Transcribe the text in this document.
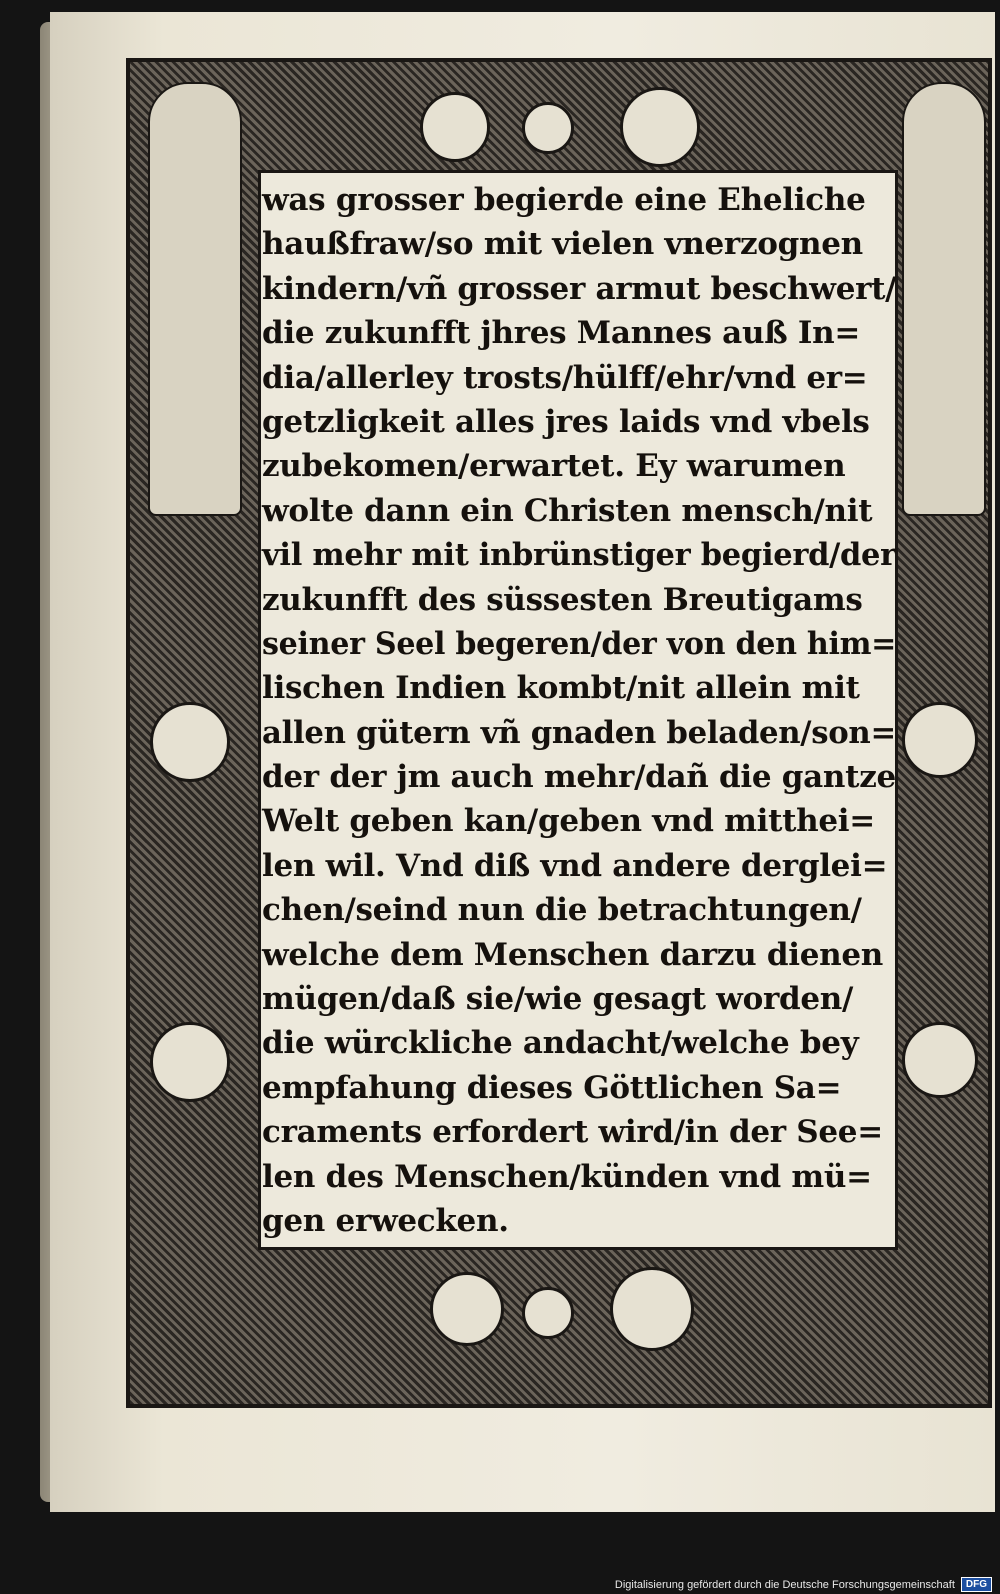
was grosser begierde eine Eheliche
haußfraw/so mit vielen vnerzognen
kindern/vñ grosser armut beschwert/
die zukunfft jhres Mannes auß In=
dia/allerley trosts/hülff/ehr/vnd er=
getzligkeit alles jres laids vnd vbels
zubekomen/erwartet. Ey warumen
wolte dann ein Christen mensch/nit
vil mehr mit inbrünstiger begierd/der
zukunfft des süssesten Breutigams
seiner Seel begeren/der von den him=
lischen Indien kombt/nit allein mit
allen gütern vñ gnaden beladen/son=
der der jm auch mehr/dañ die gantze
Welt geben kan/geben vnd mitthei=
len wil. Vnd diß vnd andere derglei=
chen/seind nun die betrachtungen/
welche dem Menschen darzu dienen
mügen/daß sie/wie gesagt worden/
die würckliche andacht/welche bey
empfahung dieses Göttlichen Sa=
craments erfordert wird/in der See=
len des Menschen/künden vnd mü=
gen erwecken.
Digitalisierung gefördert durch die Deutsche Forschungsgemeinschaft	DFG
